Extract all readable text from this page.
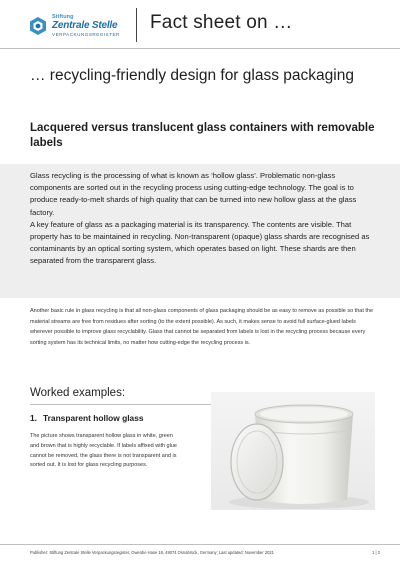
Stiftung
Zentrale Stelle
VERPACKUNGSREGISTER
Fact sheet on …
… recycling-friendly design for glass packaging
Lacquered versus translucent glass containers with removable labels

Glass recycling is the processing of what is known as ‘hollow glass’. Problematic non-glass components are sorted out in the recycling process using cutting-edge technology. The goal is to produce ready-to-melt shards of high quality that can be turned into new hollow glass at the glass factory.

A key feature of glass as a packaging material is its transparency. The contents are visible. That property has to be maintained in recycling. Non-transparent (opaque) glass shards are recognised as contaminants by an optical sorting system, which operates based on light. These shards are then separated from the transparent glass.

Another basic rule in glass recycling is that all non-glass components of glass packaging should be as easy to remove as possible so that the material streams are free from residues after sorting (to the extent possible). As such, it makes sense to avoid full surface-glued labels wherever possible to improve glass recyclability. Glass that cannot be separated from labels is lost in the recycling process because every sorting system has its technical limits, no matter how cutting-edge the recycling process is.

Worked examples:
1. Transparent hollow glass

The picture shows transparent hollow glass in white, green and brown that is highly recyclable. If labels affixed with glue cannot be removed, the glass there is not transparent and is sorted out. It is lost for glass recycling purposes.

Publisher: Stiftung Zentrale Stelle Verpackungsregister, Owerdie Hase 18, 49074 Osnabrück, Germany; Last updated: November 2021	1 | 2
